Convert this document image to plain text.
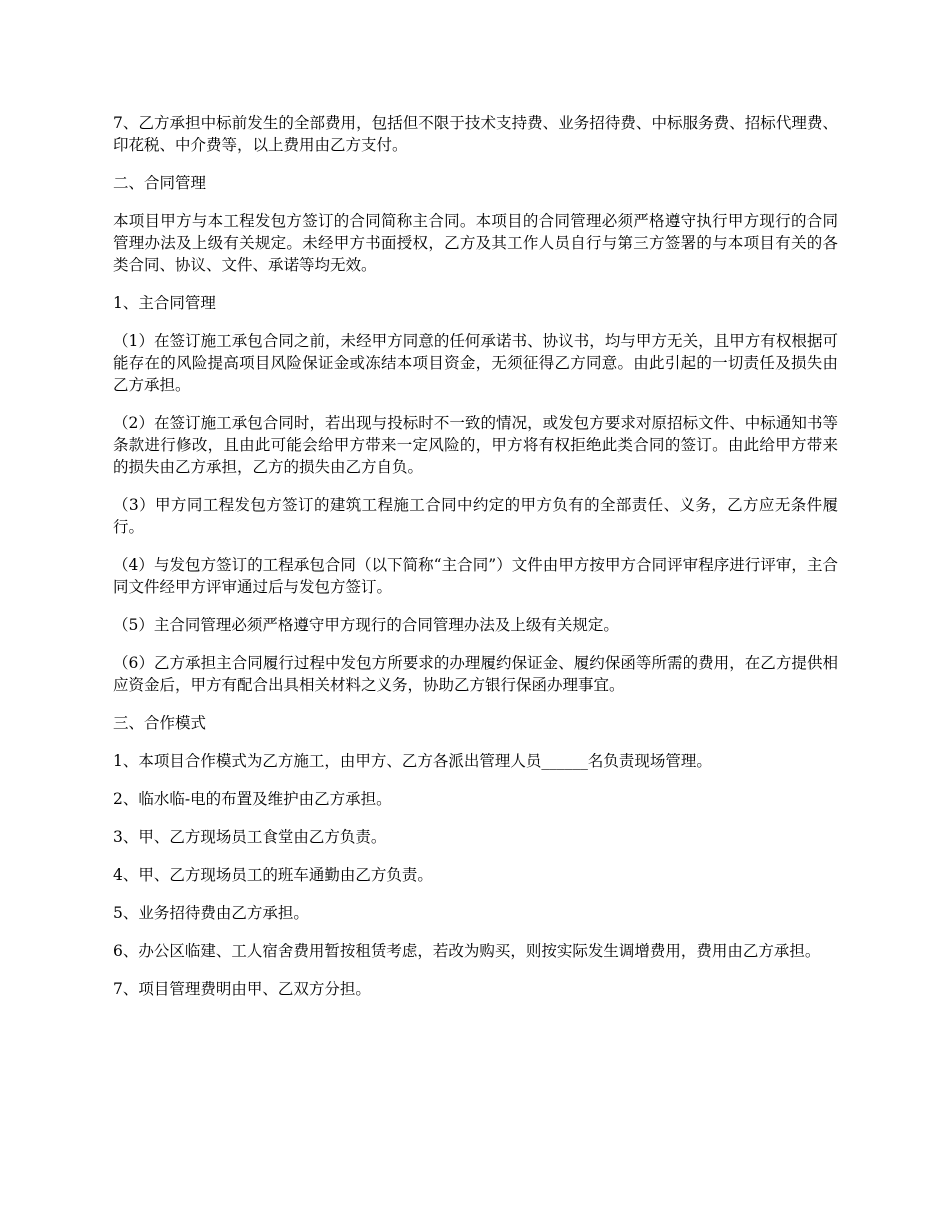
7、乙方承担中标前发生的全部费用，包括但不限于技术支持费、业务招待费、中标服务费、招标代理费、印花税、中介费等，以上费用由乙方支付。

二、合同管理

本项目甲方与本工程发包方签订的合同简称主合同。本项目的合同管理必须严格遵守执行甲方现行的合同管理办法及上级有关规定。未经甲方书面授权，乙方及其工作人员自行与第三方签署的与本项目有关的各类合同、协议、文件、承诺等均无效。

1、主合同管理

（1）在签订施工承包合同之前，未经甲方同意的任何承诺书、协议书，均与甲方无关，且甲方有权根据可能存在的风险提高项目风险保证金或冻结本项目资金，无须征得乙方同意。由此引起的一切责任及损失由乙方承担。

（2）在签订施工承包合同时，若出现与投标时不一致的情况，或发包方要求对原招标文件、中标通知书等条款进行修改，且由此可能会给甲方带来一定风险的，甲方将有权拒绝此类合同的签订。由此给甲方带来的损失由乙方承担，乙方的损失由乙方自负。

（3）甲方同工程发包方签订的建筑工程施工合同中约定的甲方负有的全部责任、义务，乙方应无条件履行。

（4）与发包方签订的工程承包合同（以下简称“主合同”）文件由甲方按甲方合同评审程序进行评审，主合同文件经甲方评审通过后与发包方签订。

（5）主合同管理必须严格遵守甲方现行的合同管理办法及上级有关规定。

（6）乙方承担主合同履行过程中发包方所要求的办理履约保证金、履约保函等所需的费用，在乙方提供相应资金后，甲方有配合出具相关材料之义务，协助乙方银行保函办理事宜。

三、合作模式

1、本项目合作模式为乙方施工，由甲方、乙方各派出管理人员______名负责现场管理。

2、临水临-电的布置及维护由乙方承担。

3、甲、乙方现场员工食堂由乙方负责。

4、甲、乙方现场员工的班车通勤由乙方负责。

5、业务招待费由乙方承担。

6、办公区临建、工人宿舍费用暂按租赁考虑，若改为购买，则按实际发生调增费用，费用由乙方承担。

7、项目管理费明由甲、乙双方分担。
